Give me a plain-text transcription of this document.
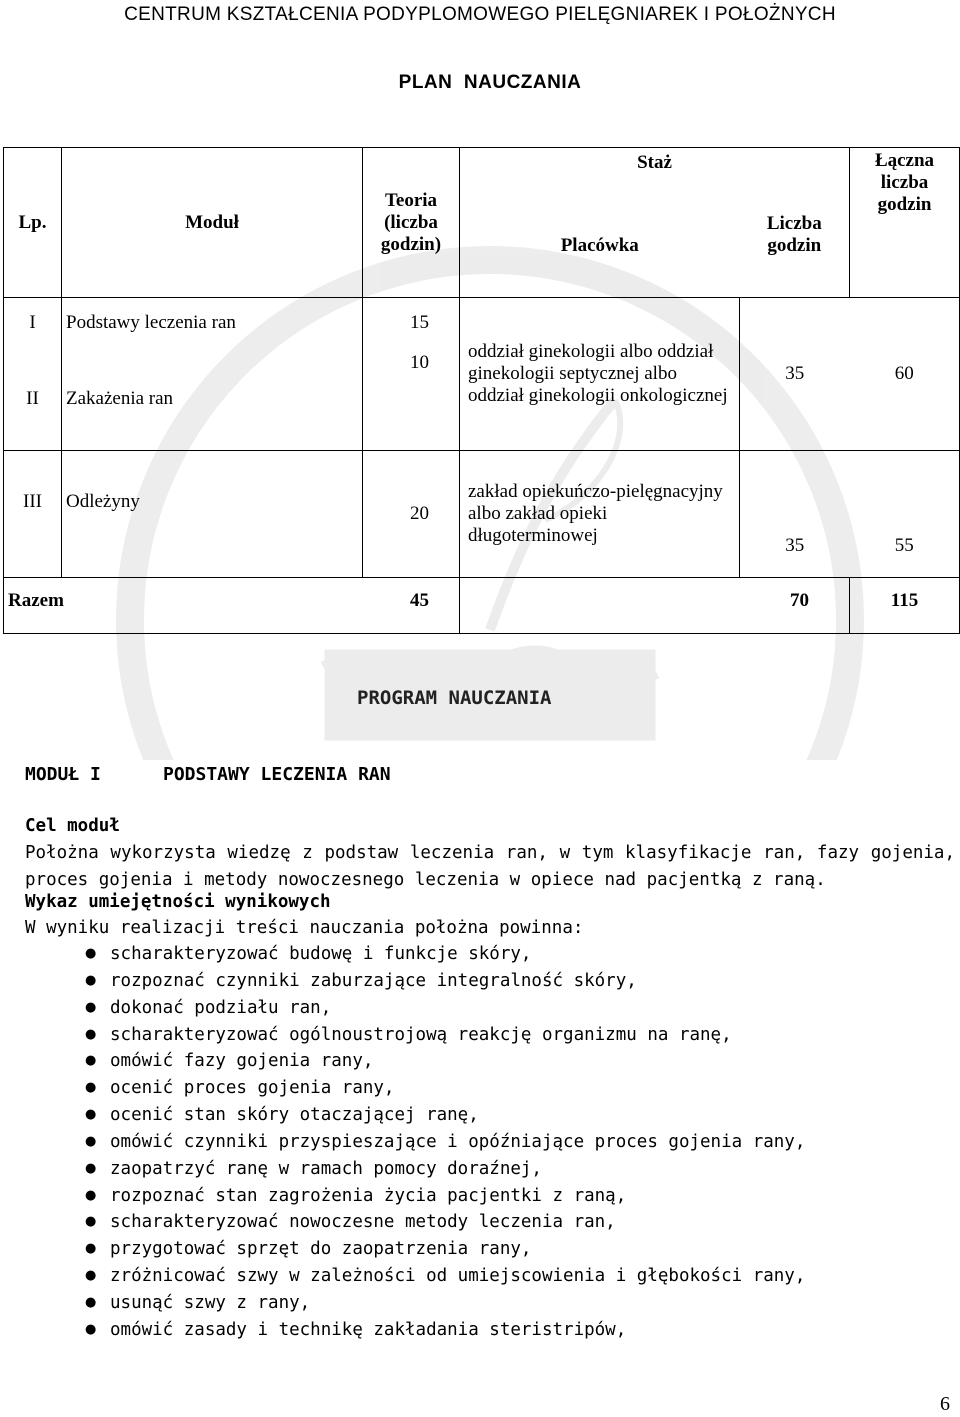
CENTRUM KSZTAŁCENIA PODYPLOMOWEGO PIELĘGNIAREK I POŁOŻNYCH
PLAN  NAUCZANIA
Lp.	Moduł	Teoria (liczba godzin)	Staż		Łączna liczba godzin
			Placówka	Liczba godzin	
I	Podstawy leczenia ran	15	oddział ginekologii albo oddział ginekologii septycznej albo oddział ginekologii onkologicznej	35	60
II	Zakażenia ran	10			
III	Odleżyny	20	zakład opiekuńczo-pielęgnacyjny albo zakład opieki długoterminowej	35	55
Razem		45	70		115
PROGRAM NAUCZANIA
MODUŁ I	PODSTAWY LECZENIA RAN
Cel moduł
Położna wykorzysta wiedzę z podstaw leczenia ran, w tym klasyfikacje ran, fazy gojenia, proces gojenia i metody nowoczesnego leczenia w opiece nad pacjentką z raną.
Wykaz umiejętności wynikowych
W wyniku realizacji treści nauczania położna powinna:
● scharakteryzować budowę i funkcje skóry,
● rozpoznać czynniki zaburzające integralność skóry,
● dokonać podziału ran,
● scharakteryzować ogólnoustrojową reakcję organizmu na ranę,
● omówić fazy gojenia rany,
● ocenić proces gojenia rany,
● ocenić stan skóry otaczającej ranę,
● omówić czynniki przyspieszające i opóźniające proces gojenia rany,
● zaopatrzyć ranę w ramach pomocy doraźnej,
● rozpoznać stan zagrożenia życia pacjentki z raną,
● scharakteryzować nowoczesne metody leczenia ran,
● przygotować sprzęt do zaopatrzenia rany,
● zróżnicować szwy w zależności od umiejscowienia i głębokości rany,
● usunąć szwy z rany,
● omówić zasady i technikę zakładania steristripów,
6
